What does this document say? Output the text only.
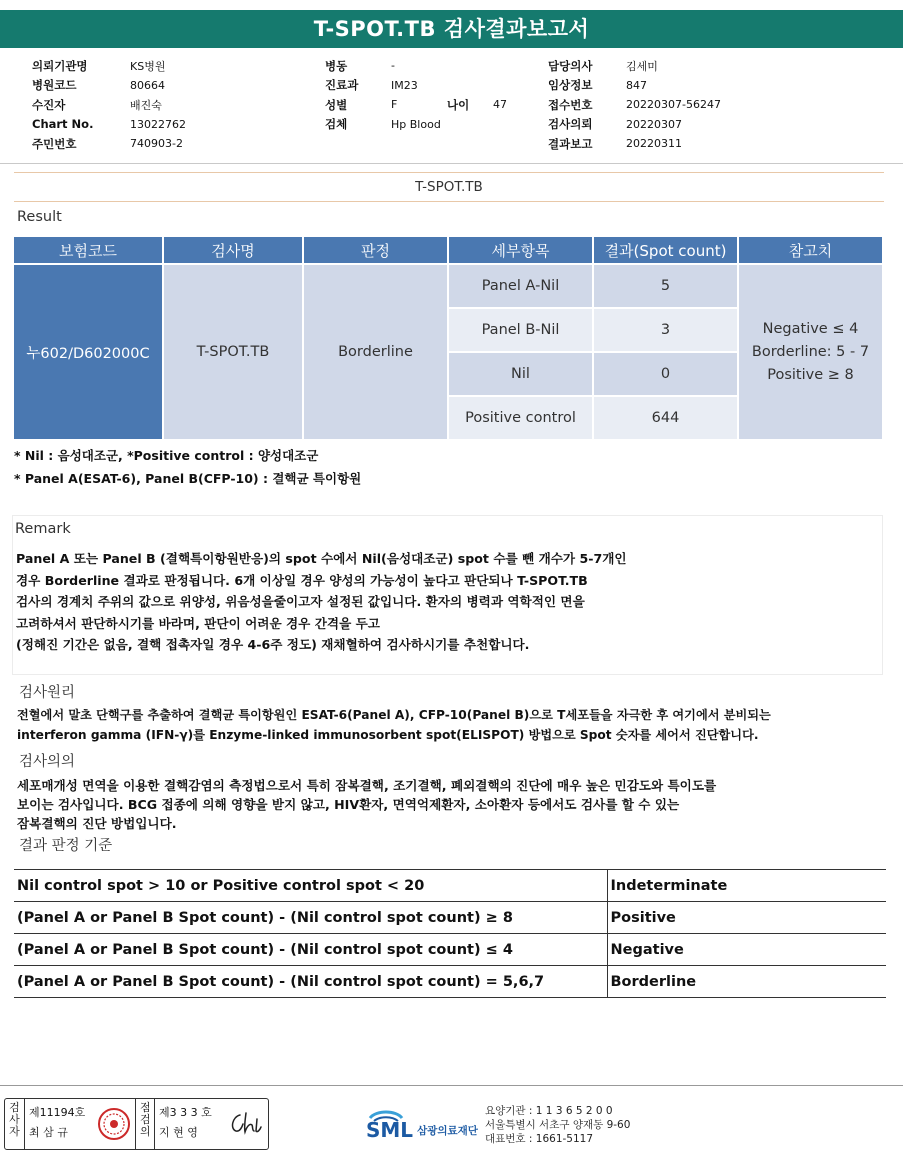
T-SPOT.TB 검사결과보고서
의뢰기관명	KS병원
병원코드	80664
수진자	배진숙
Chart No.	13022762
주민번호	740903-2
병동	-
진료과	IM23
성별	F	나이	47
검체	Hp Blood
담당의사	김세미
임상정보	847
접수번호	20220307-56247
검사의뢰	20220307
결과보고	20220311
T-SPOT.TB
Result
보험코드	검사명	판정	세부항목	결과(Spot count)	참고치
누602/D602000C	T-SPOT.TB	Borderline	Panel A-Nil	5	Negative ≤ 4
Borderline: 5 - 7
Positive ≥ 8

			Panel B-Nil	3	
			Nil	0	
			Positive control	644	
* Nil : 음성대조군, *Positive control : 양성대조군
* Panel A(ESAT-6), Panel B(CFP-10) : 결핵균 특이항원
Remark
Panel A 또는 Panel B (결핵특이항원반응)의 spot 수에서 Nil(음성대조군) spot 수를 뺀 개수가 5-7개인
경우 Borderline 결과로 판정됩니다. 6개 이상일 경우 양성의 가능성이 높다고 판단되나 T-SPOT.TB
검사의 경계치 주위의 값으로 위양성, 위음성을줄이고자 설정된 값입니다. 환자의 병력과 역학적인 면을
고려하셔서 판단하시기를 바라며, 판단이 어려운 경우 간격을 두고
(정해진 기간은 없음, 결핵 접촉자일 경우 4-6주 정도) 재채혈하여 검사하시기를 추천합니다.
검사원리
전혈에서 말초 단핵구를 추출하여 결핵균 특이항원인 ESAT-6(Panel A), CFP-10(Panel B)으로 T세포들을 자극한 후 여기에서 분비되는
interferon gamma (IFN-γ)를 Enzyme-linked immunosorbent spot(ELISPOT) 방법으로 Spot 숫자를 세어서 진단합니다.
검사의의
세포매개성 면역을 이용한 결핵감염의 측정법으로서 특히 잠복결핵, 조기결핵, 폐외결핵의 진단에 매우 높은 민감도와 특이도를
보이는 검사입니다. BCG 접종에 의해 영향을 받지 않고, HIV환자, 면역억제환자, 소아환자 등에서도 검사를 할 수 있는
잠복결핵의 진단 방법입니다.
결과 판정 기준
Nil control spot > 10 or Positive control spot < 20	Indeterminate
(Panel A or Panel B Spot count) - (Nil control spot count) ≥ 8	Positive
(Panel A or Panel B Spot count) - (Nil control spot count) ≤ 4	Negative
(Panel A or Panel B Spot count) - (Nil control spot count) = 5,6,7	Borderline
검사자
제11194호
최 삼 규
점검의
제3 3 3 호
지 현 영	SML 삼광의료재단
요양기관 : 1 1 3 6 5 2 0 0
서울특별시 서초구 양재동 9-60
대표번호 : 1661-5117
